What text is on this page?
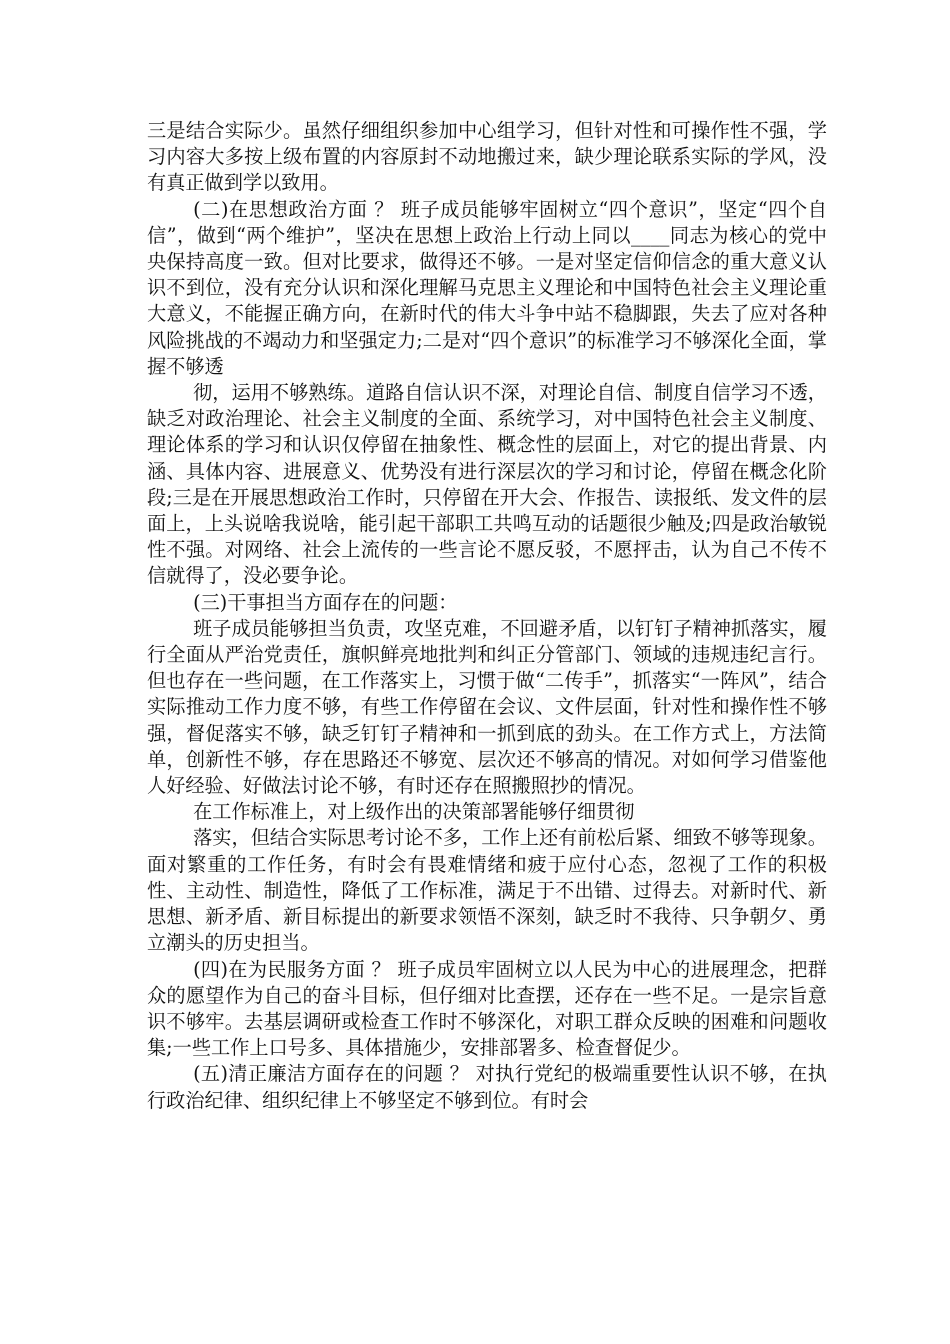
三是结合实际少。虽然仔细组织参加中心组学习，但针对性和可操作性不强，学习内容大多按上级布置的内容原封不动地搬过来，缺少理论联系实际的学风，没有真正做到学以致用。

(二)在思想政治方面 ？ 班子成员能够牢固树立“四个意识”，坚定“四个自信”，做到“两个维护”，坚决在思想上政治上行动上同以____同志为核心的党中央保持高度一致。但对比要求，做得还不够。一是对坚定信仰信念的重大意义认识不到位，没有充分认识和深化理解马克思主义理论和中国特色社会主义理论重大意义，不能握正确方向，在新时代的伟大斗争中站不稳脚跟，失去了应对各种风险挑战的不竭动力和坚强定力;二是对“四个意识”的标准学习不够深化全面，掌握不够透

彻，运用不够熟练。道路自信认识不深，对理论自信、制度自信学习不透，缺乏对政治理论、社会主义制度的全面、系统学习，对中国特色社会主义制度、理论体系的学习和认识仅停留在抽象性、概念性的层面上，对它的提出背景、内涵、具体内容、进展意义、优势没有进行深层次的学习和讨论，停留在概念化阶段;三是在开展思想政治工作时，只停留在开大会、作报告、读报纸、发文件的层面上，上头说啥我说啥，能引起干部职工共鸣互动的话题很少触及;四是政治敏锐性不强。对网络、社会上流传的一些言论不愿反驳，不愿抨击，认为自己不传不信就得了，没必要争论。

(三)干事担当方面存在的问题：

班子成员能够担当负责，攻坚克难，不回避矛盾，以钉钉子精神抓落实，履行全面从严治党责任，旗帜鲜亮地批判和纠正分管部门、领域的违规违纪言行。但也存在一些问题，在工作落实上，习惯于做“二传手”，抓落实“一阵风”，结合实际推动工作力度不够，有些工作停留在会议、文件层面，针对性和操作性不够强，督促落实不够，缺乏钉钉子精神和一抓到底的劲头。在工作方式上，方法简单，创新性不够，存在思路还不够宽、层次还不够高的情况。对如何学习借鉴他人好经验、好做法讨论不够，有时还存在照搬照抄的情况。

在工作标准上，对上级作出的决策部署能够仔细贯彻

落实，但结合实际思考讨论不多，工作上还有前松后紧、细致不够等现象。面对繁重的工作任务，有时会有畏难情绪和疲于应付心态，忽视了工作的积极性、主动性、制造性，降低了工作标准，满足于不出错、过得去。对新时代、新思想、新矛盾、新目标提出的新要求领悟不深刻，缺乏时不我待、只争朝夕、勇立潮头的历史担当。

(四)在为民服务方面 ？ 班子成员牢固树立以人民为中心的进展理念，把群众的愿望作为自己的奋斗目标，但仔细对比查摆，还存在一些不足。一是宗旨意识不够牢。去基层调研或检查工作时不够深化，对职工群众反映的困难和问题收集;一些工作上口号多、具体措施少，安排部署多、检查督促少。

(五)清正廉洁方面存在的问题 ？ 对执行党纪的极端重要性认识不够，在执行政治纪律、组织纪律上不够坚定不够到位。有时会
